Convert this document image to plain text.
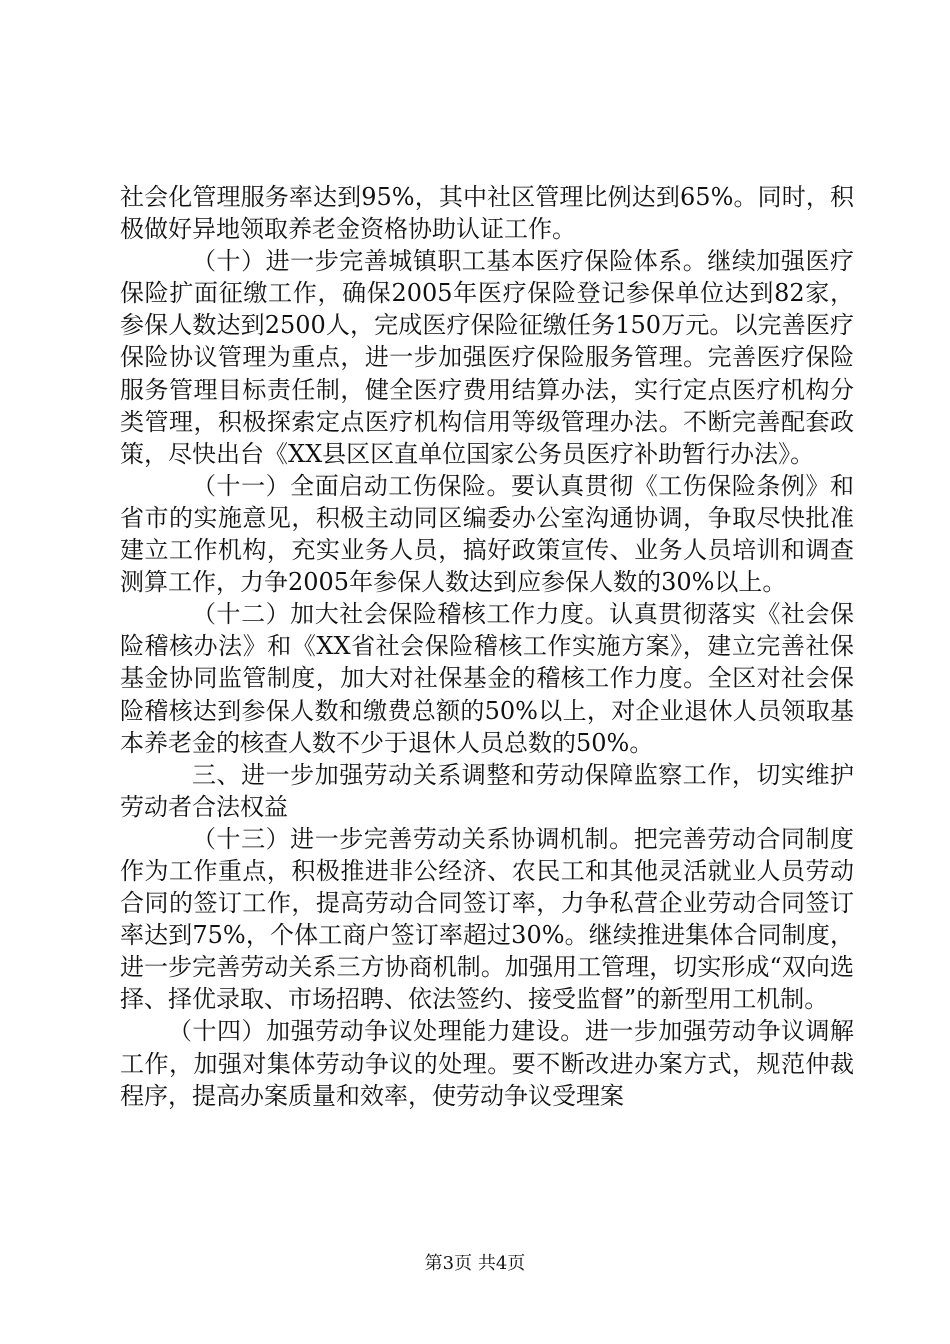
社会化管理服务率达到95%，其中社区管理比例达到65%。同时，积极做好异地领取养老金资格协助认证工作。

（十）进一步完善城镇职工基本医疗保险体系。继续加强医疗保险扩面征缴工作，确保2005年医疗保险登记参保单位达到82家，参保人数达到2500人，完成医疗保险征缴任务150万元。以完善医疗保险协议管理为重点，进一步加强医疗保险服务管理。完善医疗保险服务管理目标责任制，健全医疗费用结算办法，实行定点医疗机构分类管理，积极探索定点医疗机构信用等级管理办法。不断完善配套政策，尽快出台《XX县区区直单位国家公务员医疗补助暂行办法》。

（十一）全面启动工伤保险。要认真贯彻《工伤保险条例》和省市的实施意见，积极主动同区编委办公室沟通协调，争取尽快批准建立工作机构，充实业务人员，搞好政策宣传、业务人员培训和调查测算工作，力争2005年参保人数达到应参保人数的30%以上。

（十二）加大社会保险稽核工作力度。认真贯彻落实《社会保险稽核办法》和《XX省社会保险稽核工作实施方案》，建立完善社保基金协同监管制度，加大对社保基金的稽核工作力度。全区对社会保险稽核达到参保人数和缴费总额的50%以上，对企业退休人员领取基本养老金的核查人数不少于退休人员总数的50%。

三、进一步加强劳动关系调整和劳动保障监察工作，切实维护劳动者合法权益

（十三）进一步完善劳动关系协调机制。把完善劳动合同制度作为工作重点，积极推进非公经济、农民工和其他灵活就业人员劳动合同的签订工作，提高劳动合同签订率，力争私营企业劳动合同签订率达到75%，个体工商户签订率超过30%。继续推进集体合同制度，进一步完善劳动关系三方协商机制。加强用工管理，切实形成“双向选择、择优录取、市场招聘、依法签约、接受监督”的新型用工机制。

（十四）加强劳动争议处理能力建设。进一步加强劳动争议调解工作，加强对集体劳动争议的处理。要不断改进办案方式，规范仲裁程序，提高办案质量和效率，使劳动争议受理案

第3页 共4页
